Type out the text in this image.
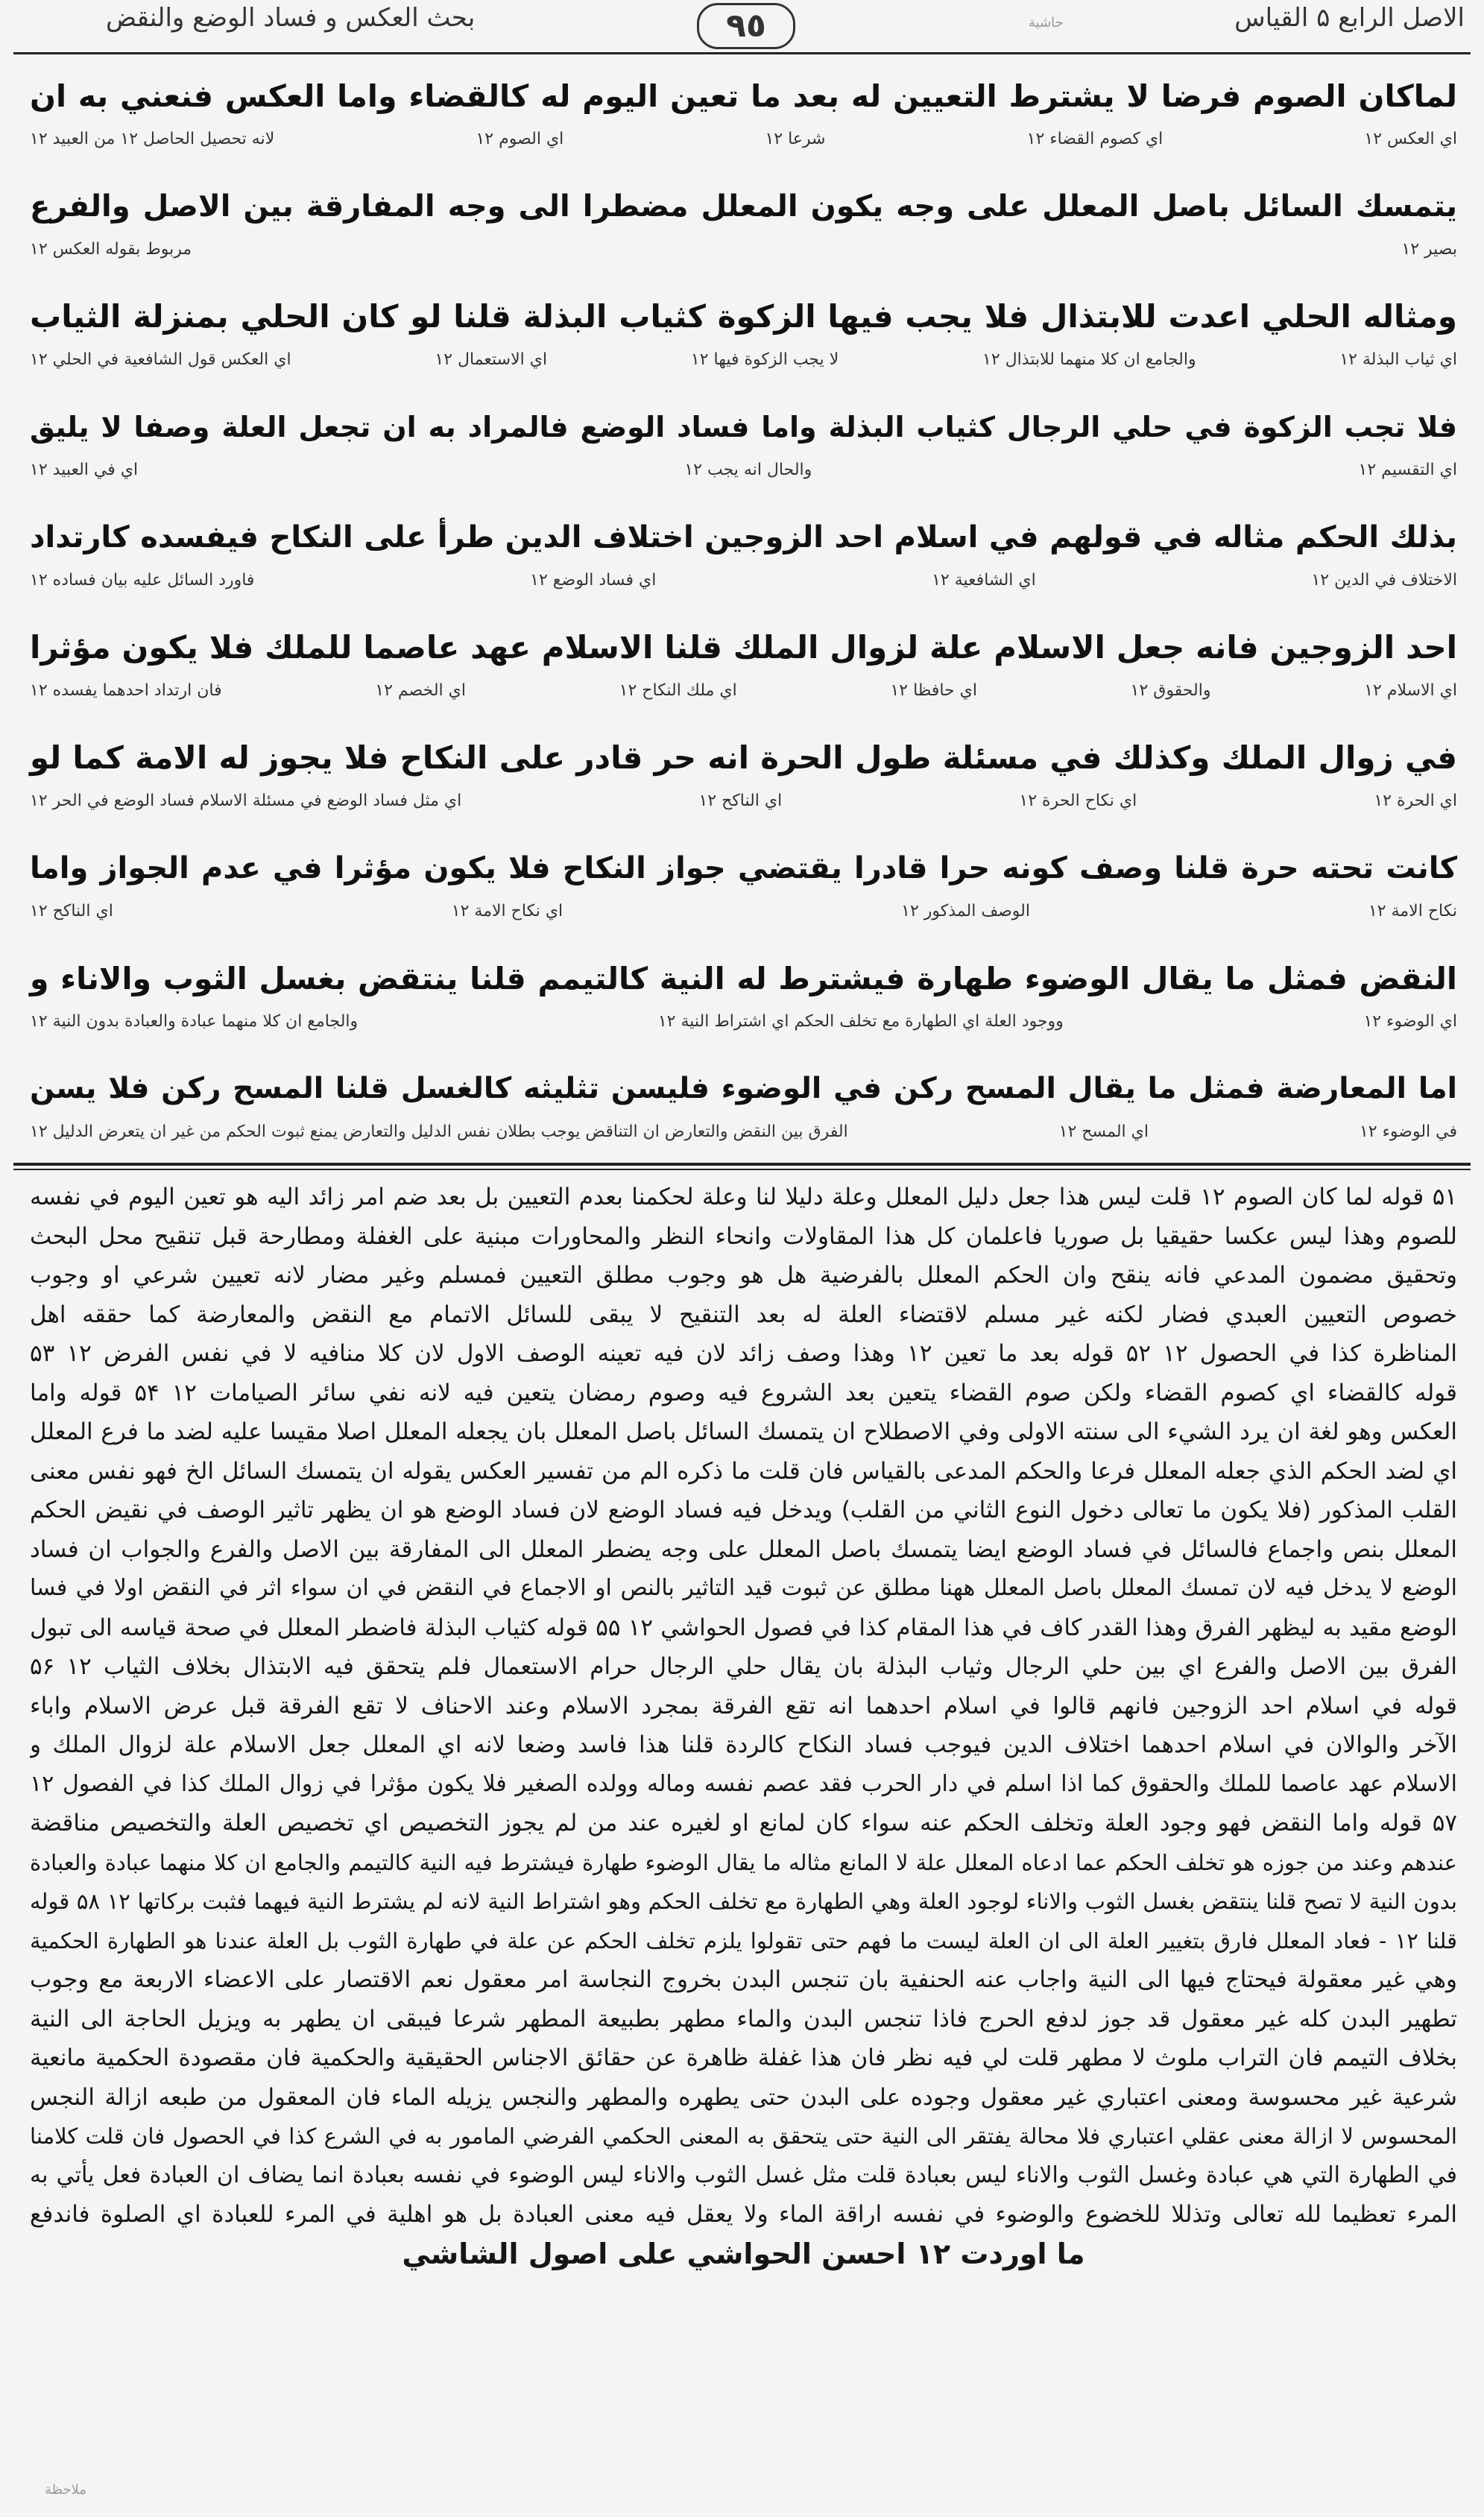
الاصل الرابع ۵ القياس
٩٥
بحث العكس و فساد الوضع والنقض
لماكان الصوم فرضا لا يشترط التعيين له بعد ما تعين اليوم له كالقضاء واما العكس فنعني به ان
اي العكس ١٢
اي كصوم القضاء ١٢
شرعا ١٢
اي الصوم ١٢
لانه تحصيل الحاصل ١٢ من العبيد ١٢
يتمسك السائل باصل المعلل على وجه يكون المعلل مضطرا الى وجه المفارقة بين الاصل والفرع
بصير ١٢
مربوط بقوله العكس ١٢
ومثاله الحلي اعدت للابتذال فلا يجب فيها الزكوة كثياب البذلة قلنا لو كان الحلي بمنزلة الثياب
اي ثياب البذلة ١٢
والجامع ان كلا منهما للابتذال ١٢
لا يجب الزكوة فيها ١٢
اي الاستعمال ١٢
اي العكس قول الشافعية في الحلي ١٢
فلا تجب الزكوة في حلي الرجال كثياب البذلة واما فساد الوضع فالمراد به ان تجعل العلة وصفا لا يليق
اي التقسيم ١٢
والحال انه يجب ١٢
اي في العبيد ١٢
بذلك الحكم مثاله في قولهم في اسلام احد الزوجين اختلاف الدين طرأ على النكاح فيفسده كارتداد
الاختلاف في الدين ١٢
اي الشافعية ١٢
اي فساد الوضع ١٢
فاورد السائل عليه بيان فساده ١٢
احد الزوجين فانه جعل الاسلام علة لزوال الملك قلنا الاسلام عهد عاصما للملك فلا يكون مؤثرا
اي الاسلام ١٢
والحقوق ١٢
اي حافظا ١٢
اي ملك النكاح ١٢
اي الخصم ١٢
فان ارتداد احدهما يفسده ١٢
في زوال الملك وكذلك في مسئلة طول الحرة انه حر قادر على النكاح فلا يجوز له الامة كما لو
اي الحرة ١٢
اي نكاح الحرة ١٢
اي الناكح ١٢
اي مثل فساد الوضع في مسئلة الاسلام فساد الوضع في الحر ١٢
كانت تحته حرة قلنا وصف كونه حرا قادرا يقتضي جواز النكاح فلا يكون مؤثرا في عدم الجواز واما
نكاح الامة ١٢
الوصف المذكور ١٢
اي نكاح الامة ١٢
اي الناكح ١٢
النقض فمثل ما يقال الوضوء طهارة فيشترط له النية كالتيمم قلنا ينتقض بغسل الثوب والاناء و
اي الوضوء ١٢
ووجود العلة اي الطهارة مع تخلف الحكم اي اشتراط النية ١٢
والجامع ان كلا منهما عبادة والعبادة بدون النية ١٢
اما المعارضة فمثل ما يقال المسح ركن في الوضوء فليسن تثليثه كالغسل قلنا المسح ركن فلا يسن
في الوضوء ١٢
اي المسح ١٢
الفرق بين النقض والتعارض ان التناقض يوجب بطلان نفس الدليل والتعارض يمنع ثبوت الحكم من غير ان يتعرض الدليل ١٢
۵۱ قوله لما كان الصوم ١٢ قلت ليس هذا جعل دليل المعلل وعلة دليلا لنا وعلة لحكمنا بعدم التعيين بل بعد ضم امر زائد اليه هو تعين اليوم في نفسه
للصوم وهذا ليس عكسا حقيقيا بل صوريا فاعلمان كل هذا المقاولات وانحاء النظر والمحاورات مبنية على الغفلة ومطارحة قبل تنقيح محل البحث
وتحقيق مضمون المدعي فانه ينقح وان الحكم المعلل بالفرضية هل هو وجوب مطلق التعيين فمسلم وغير مضار لانه تعيين شرعي او وجوب
خصوص التعيين العبدي فضار لكنه غير مسلم لاقتضاء العلة له بعد التنقيح لا يبقى للسائل الاتمام مع النقض والمعارضة كما حققه اهل
المناظرة كذا في الحصول ١٢ ۵۲ قوله بعد ما تعين ١٢ وهذا وصف زائد لان فيه تعينه الوصف الاول لان كلا منافيه لا في نفس الفرض ١٢ ۵۳
قوله كالقضاء اي كصوم القضاء ولكن صوم القضاء يتعين بعد الشروع فيه وصوم رمضان يتعين فيه لانه نفي سائر الصيامات ١٢ ۵۴ قوله واما
العكس وهو لغة ان يرد الشيء الى سنته الاولى وفي الاصطلاح ان يتمسك السائل باصل المعلل بان يجعله المعلل اصلا مقيسا عليه لضد ما فرع المعلل
اي لضد الحكم الذي جعله المعلل فرعا والحكم المدعى بالقياس فان قلت ما ذكره الم من تفسير العكس يقوله ان يتمسك السائل الخ فهو نفس معنى
القلب المذكور (فلا يكون ما تعالى دخول النوع الثاني من القلب) ويدخل فيه فساد الوضع لان فساد الوضع هو ان يظهر تاثير الوصف في نقيض الحكم
المعلل بنص واجماع فالسائل في فساد الوضع ايضا يتمسك باصل المعلل على وجه يضطر المعلل الى المفارقة بين الاصل والفرع والجواب ان فساد
الوضع لا يدخل فيه لان تمسك المعلل باصل المعلل ههنا مطلق عن ثبوت قيد التاثير بالنص او الاجماع في النقض في ان سواء اثر في النقض اولا في فسا
الوضع مقيد به ليظهر الفرق وهذا القدر كاف في هذا المقام كذا في فصول الحواشي ١٢ ۵۵ قوله كثياب البذلة فاضطر المعلل في صحة قياسه الى تبول
الفرق بين الاصل والفرع اي بين حلي الرجال وثياب البذلة بان يقال حلي الرجال حرام الاستعمال فلم يتحقق فيه الابتذال بخلاف الثياب ١٢ ۵۶
قوله في اسلام احد الزوجين فانهم قالوا في اسلام احدهما انه تقع الفرقة بمجرد الاسلام وعند الاحناف لا تقع الفرقة قبل عرض الاسلام واباء
الآخر والوالان في اسلام احدهما اختلاف الدين فيوجب فساد النكاح كالردة قلنا هذا فاسد وضعا لانه اي المعلل جعل الاسلام علة لزوال الملك و
الاسلام عهد عاصما للملك والحقوق كما اذا اسلم في دار الحرب فقد عصم نفسه وماله وولده الصغير فلا يكون مؤثرا في زوال الملك كذا في الفصول ١٢
۵۷ قوله واما النقض فهو وجود العلة وتخلف الحكم عنه سواء كان لمانع او لغيره عند من لم يجوز التخصيص اي تخصيص العلة والتخصيص مناقضة
عندهم وعند من جوزه هو تخلف الحكم عما ادعاه المعلل علة لا المانع مثاله ما يقال الوضوء طهارة فيشترط فيه النية كالتيمم والجامع ان كلا منهما عبادة والعبادة
بدون النية لا تصح قلنا ينتقض بغسل الثوب والاناء لوجود العلة وهي الطهارة مع تخلف الحكم وهو اشتراط النية لانه لم يشترط النية فيهما فثبت بركاتها ١٢ ۵۸ قوله
قلنا ١٢ - فعاد المعلل فارق بتغيير العلة الى ان العلة ليست ما فهم حتى تقولوا يلزم تخلف الحكم عن علة في طهارة الثوب بل العلة عندنا هو الطهارة الحكمية
وهي غير معقولة فيحتاج فيها الى النية واجاب عنه الحنفية بان تنجس البدن بخروج النجاسة امر معقول نعم الاقتصار على الاعضاء الاربعة مع وجوب
تطهير البدن كله غير معقول قد جوز لدفع الحرج فاذا تنجس البدن والماء مطهر بطبيعة المطهر شرعا فيبقى ان يطهر به ويزيل الحاجة الى النية
بخلاف التيمم فان التراب ملوث لا مطهر قلت لي فيه نظر فان هذا غفلة ظاهرة عن حقائق الاجناس الحقيقية والحكمية فان مقصودة الحكمية مانعية
شرعية غير محسوسة ومعنى اعتباري غير معقول وجوده على البدن حتى يطهره والمطهر والنجس يزيله الماء فان المعقول من طبعه ازالة النجس
المحسوس لا ازالة معنى عقلي اعتباري فلا محالة يفتقر الى النية حتى يتحقق به المعنى الحكمي الفرضي المامور به في الشرع كذا في الحصول فان قلت كلامنا
في الطهارة التي هي عبادة وغسل الثوب والاناء ليس بعبادة قلت مثل غسل الثوب والاناء ليس الوضوء في نفسه بعبادة انما يضاف ان العبادة فعل يأتي به
المرء تعظيما لله تعالى وتذللا للخضوع والوضوء في نفسه اراقة الماء ولا يعقل فيه معنى العبادة بل هو اهلية في المرء للعبادة اي الصلوة فاندفع
ما اوردت ١٢ احسن الحواشي على اصول الشاشي
حاشية
ملاحظة
